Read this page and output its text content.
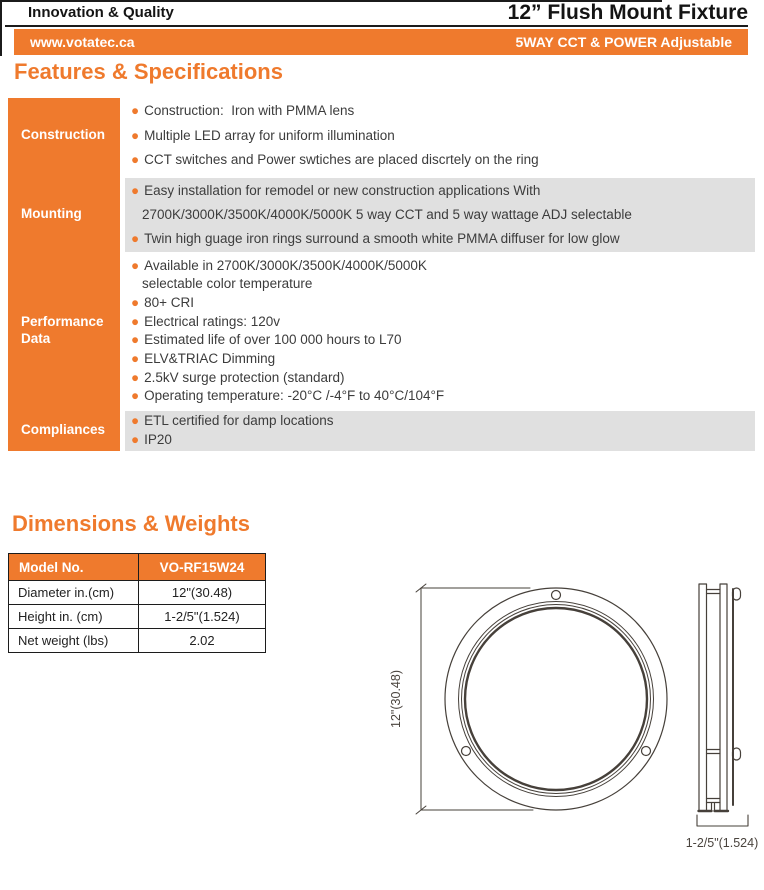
Innovation & Quality	12” Flush Mount Fixture
www.votatec.ca	5WAY CCT & POWER Adjustable
Features & Specifications
Construction
● Construction:  Iron with PMMA lens
● Multiple LED array for uniform illumination
● CCT switches and Power swtiches are placed discrtely on the ring
Mounting
● Easy installation for remodel or new construction applications With
2700K/3000K/3500K/4000K/5000K 5 way CCT and 5 way wattage ADJ selectable
● Twin high guage iron rings surround a smooth white PMMA diffuser for low glow
Performance Data
● Available in 2700K/3000K/3500K/4000K/5000K
selectable color temperature
● 80+ CRI
● Electrical ratings: 120v
● Estimated life of over 100 000 hours to L70
● ELV&TRIAC Dimming
● 2.5kV surge protection (standard)
● Operating temperature: -20°C /-4°F to 40°C/104°F
Compliances
● ETL certified for damp locations
● IP20
Dimensions & Weights
Model No.	VO-RF15W24
Diameter in.(cm)	12"(30.48)
Height in. (cm)	1-2/5"(1.524)
Net weight (lbs)	2.02
12"(30.48)
1-2/5"(1.524)
